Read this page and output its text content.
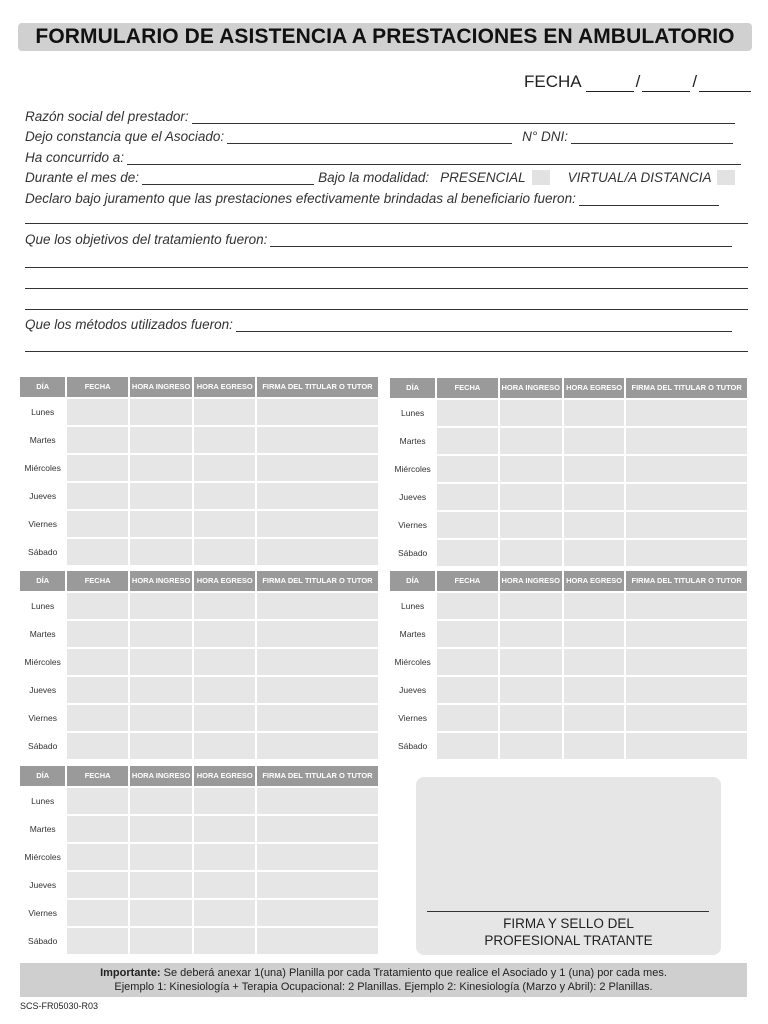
FORMULARIO DE ASISTENCIA A PRESTACIONES EN AMBULATORIO
FECHA	/	/
Razón social del prestador:
Dejo constancia que el Asociado:	N° DNI:
Ha concurrido a:
Durante el mes de:	Bajo la modalidad: PRESENCIAL	VIRTUAL/A DISTANCIA
Declaro bajo juramento que las prestaciones efectivamente brindadas al beneficiario fueron:
Que los objetivos del tratamiento fueron:
Que los métodos utilizados fueron:
DÍA	FECHA	HORA INGRESO	HORA EGRESO	FIRMA DEL TITULAR O TUTOR
Lunes				
Martes				
Miércoles				
Jueves				
Viernes				
Sábado				
DÍA	FECHA	HORA INGRESO	HORA EGRESO	FIRMA DEL TITULAR O TUTOR
Lunes				
Martes				
Miércoles				
Jueves				
Viernes				
Sábado				
DÍA	FECHA	HORA INGRESO	HORA EGRESO	FIRMA DEL TITULAR O TUTOR
Lunes				
Martes				
Miércoles				
Jueves				
Viernes				
Sábado				
DÍA	FECHA	HORA INGRESO	HORA EGRESO	FIRMA DEL TITULAR O TUTOR
Lunes				
Martes				
Miércoles				
Jueves				
Viernes				
Sábado				
DÍA	FECHA	HORA INGRESO	HORA EGRESO	FIRMA DEL TITULAR O TUTOR
Lunes				
Martes				
Miércoles				
Jueves				
Viernes				
Sábado				
FIRMA Y SELLO DEL
PROFESIONAL TRATANTE
Importante: Se deberá anexar 1(una) Planilla por cada Tratamiento que realice el Asociado y 1 (una) por cada mes.
Ejemplo 1: Kinesiología + Terapia Ocupacional: 2 Planillas. Ejemplo 2: Kinesiología (Marzo y Abril): 2 Planillas.
SCS-FR05030-R03
